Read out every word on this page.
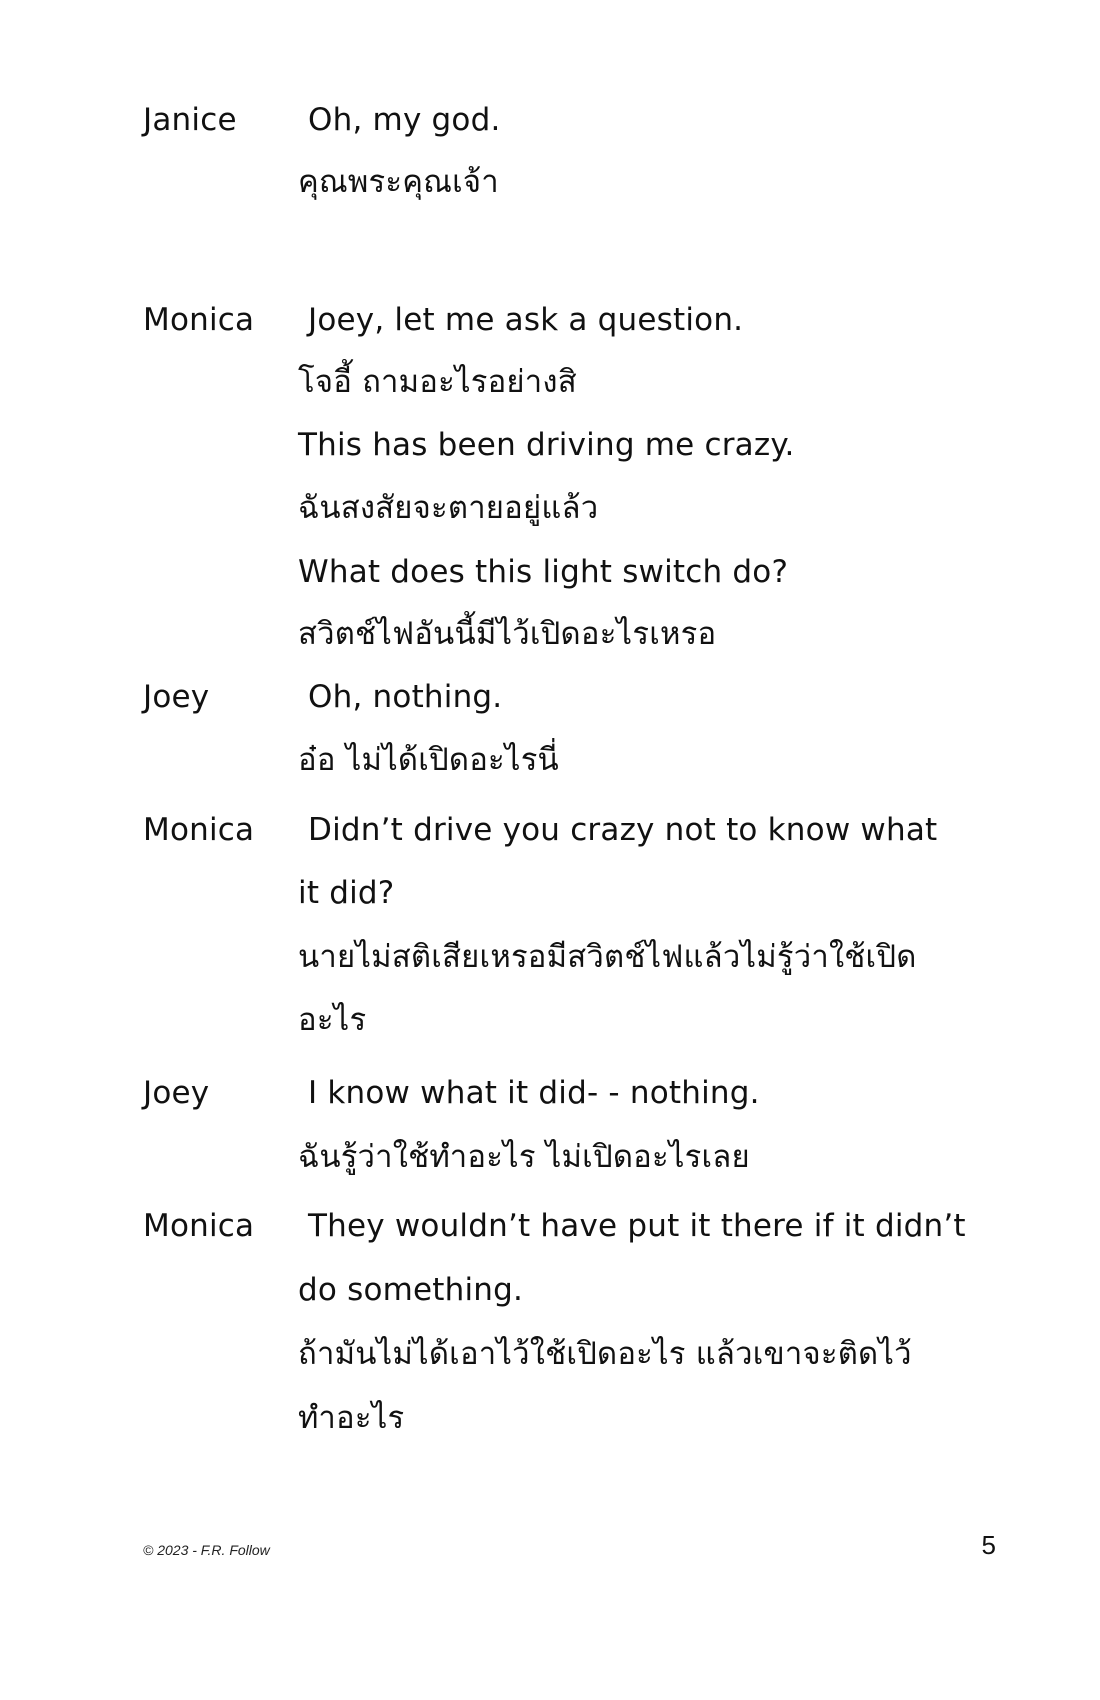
Janice Oh, my god.
คุณพระคุณเจ้า
Monica Joey, let me ask a question.
โจอี้ ถามอะไรอย่างสิ
This has been driving me crazy.
ฉันสงสัยจะตายอยู่แล้ว
What does this light switch do?
สวิตช์ไฟอันนี้มีไว้เปิดอะไรเหรอ
Joey	Oh, nothing.
อ๋อ ไม่ได้เปิดอะไรนี่
Monica Didn’t drive you crazy not to know what
it did?
นายไม่สติเสียเหรอมีสวิตช์ไฟแล้วไม่รู้ว่าใช้เปิด
อะไร
Joey	I know what it did- - nothing.
ฉันรู้ว่าใช้ทำอะไร ไม่เปิดอะไรเลย
Monica They wouldn’t have put it there if it didn’t
do something.
ถ้ามันไม่ได้เอาไว้ใช้เปิดอะไร แล้วเขาจะติดไว้
ทำอะไร
© 2023 - F.R. Follow	5
